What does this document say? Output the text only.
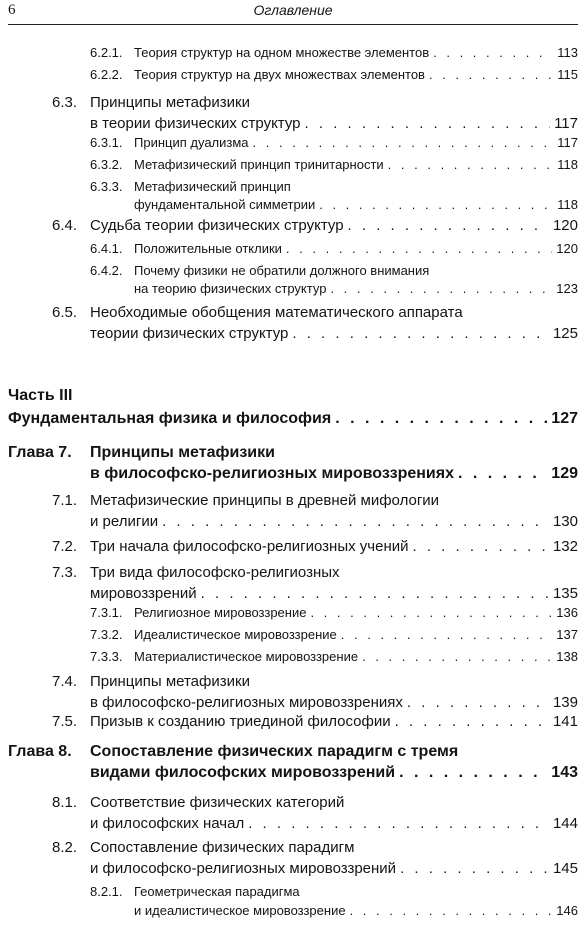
6	Оглавление
Часть III
6.2.1. Теория структур на одном множестве элементов . . .	113
6.2.2. Теория структур на двух множествах элементов . . .	115
6.3. Принципы метафизики
в теории физических структур . . .	117
6.3.1. Принцип дуализма . . .	117
6.3.2. Метафизический принцип тринитарности . . .	118
6.3.3. Метафизический принцип
фундаментальной симметрии . . .	118
6.4. Судьба теории физических структур . . .	120
6.4.1. Положительные отклики . . .	120
6.4.2. Почему физики не обратили должного внимания
на теорию физических структур . . .	123
6.5. Необходимые обобщения математического аппарата
теории физических структур . . .	125
Фундаментальная физика и философия . . .	127
Глава 7.	Принципы метафизики
в философско-религиозных мировоззрениях . . .	129
7.1. Метафизические принципы в древней мифологии
и религии . . .	130
7.2. Три начала философско-религиозных учений . . .	132
7.3. Три вида философско-религиозных
мировоззрений . . .	135
7.3.1. Религиозное мировоззрение . . .	136
7.3.2. Идеалистическое мировоззрение . . .	137
7.3.3. Материалистическое мировоззрение . . .	138
7.4. Принципы метафизики
в философско-религиозных мировоззрениях . . .	139
7.5. Призыв к созданию триединой философии . . .	141
Глава 8.	Сопоставление физических парадигм с тремя
видами философских мировоззрений . . .	143
8.1. Соответствие физических категорий
и философских начал . . .	144
8.2. Сопоставление физических парадигм
и философско-религиозных мировоззрений . . .	145
8.2.1. Геометрическая парадигма
и идеалистическое мировоззрение . . .	146
